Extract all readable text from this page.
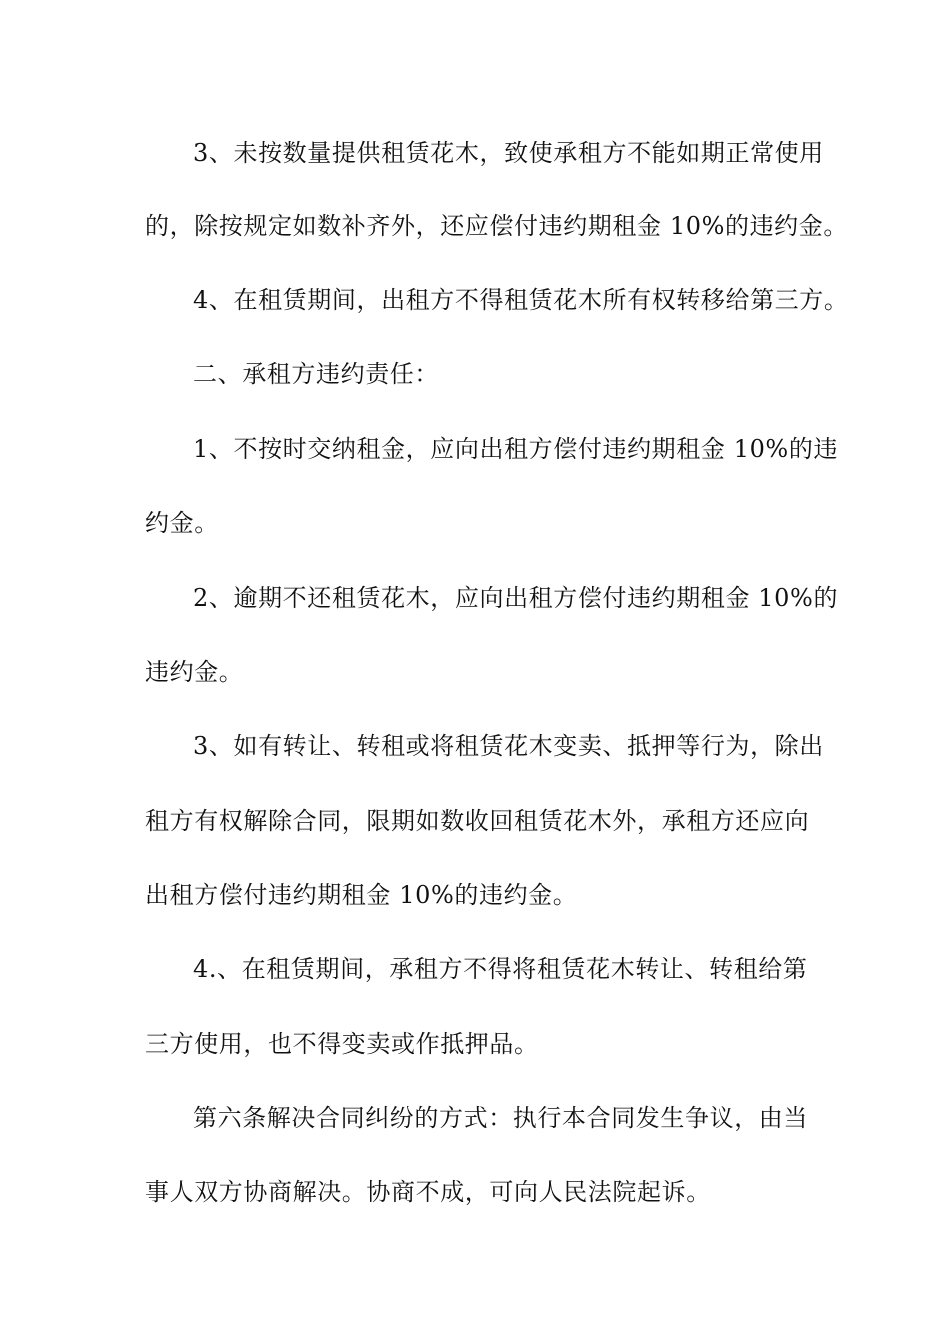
3、未按数量提供租赁花木，致使承租方不能如期正常使用
的，除按规定如数补齐外，还应偿付违约期租金 10%的违约金。
4、在租赁期间，出租方不得租赁花木所有权转移给第三方。
二、承租方违约责任：
1、不按时交纳租金，应向出租方偿付违约期租金 10%的违
约金。
2、逾期不还租赁花木，应向出租方偿付违约期租金 10%的
违约金。
3、如有转让、转租或将租赁花木变卖、抵押等行为，除出
租方有权解除合同，限期如数收回租赁花木外，承租方还应向
出租方偿付违约期租金 10%的违约金。
4.、在租赁期间，承租方不得将租赁花木转让、转租给第
三方使用，也不得变卖或作抵押品。
第六条解决合同纠纷的方式：执行本合同发生争议，由当
事人双方协商解决。协商不成，可向人民法院起诉。
